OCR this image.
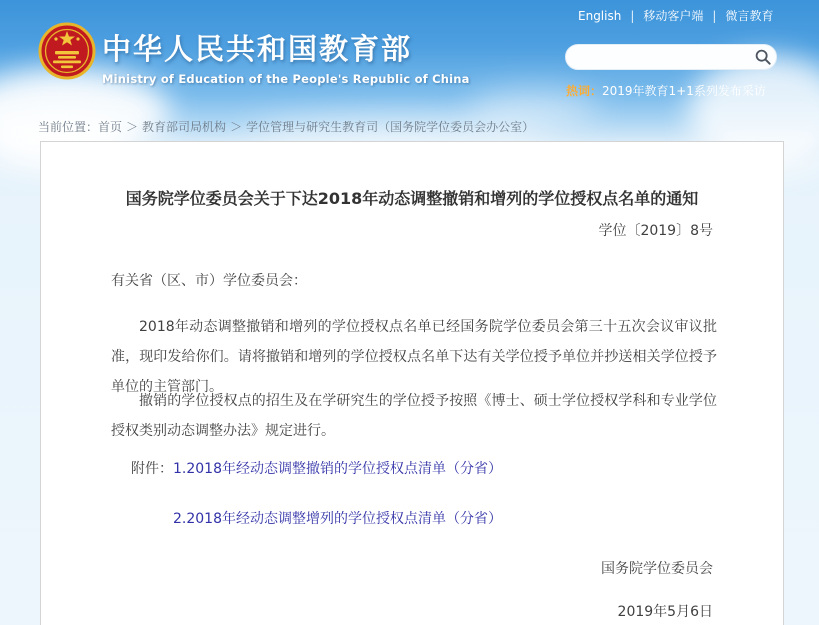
中华人民共和国教育部
Ministry of Education of the People's Republic of China
English | 移动客户端 | 微言教育
热词：2019年教育1+1系列发布采访
当前位置：首页 ＞ 教育部司局机构 ＞ 学位管理与研究生教育司（国务院学位委员会办公室）
国务院学位委员会关于下达2018年动态调整撤销和增列的学位授权点名单的通知
学位〔2019〕8号
有关省（区、市）学位委员会：
2018年动态调整撤销和增列的学位授权点名单已经国务院学位委员会第三十五次会议审议批准，现印发给你们。请将撤销和增列的学位授权点名单下达有关学位授予单位并抄送相关学位授予单位的主管部门。
撤销的学位授权点的招生及在学研究生的学位授予按照《博士、硕士学位授权学科和专业学位授权类别动态调整办法》规定进行。
附件：1.2018年经动态调整撤销的学位授权点清单（分省）
2.2018年经动态调整增列的学位授权点清单（分省）
国务院学位委员会
2019年5月6日
